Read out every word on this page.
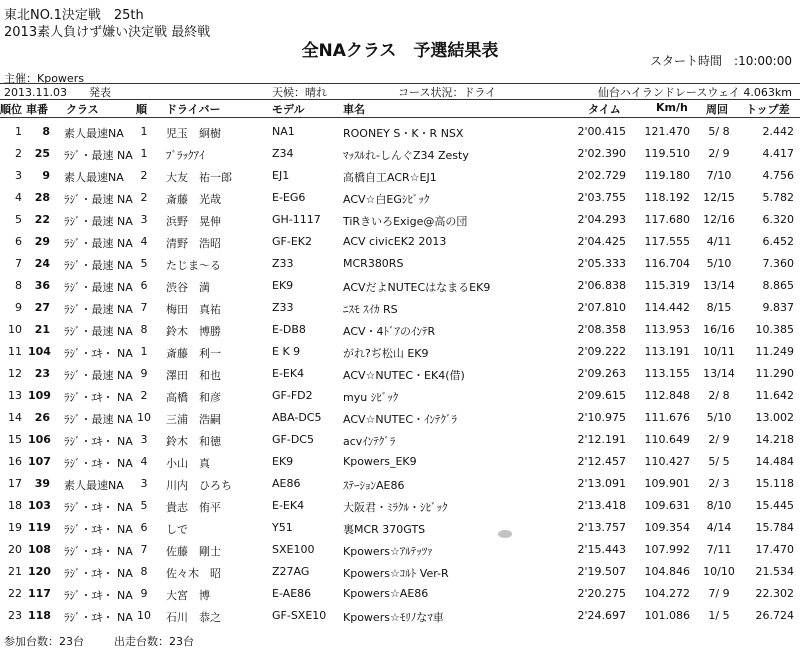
東北NO.1決定戦　25th
2013素人負けず嫌い決定戦 最終戦
全NAクラス　予選結果表	スタート時間　:10:00:00
主催：Kpowers
2013.11.03　　発表	天候：晴れ	コース状況：ドライ	仙台ハイランドレースウェイ 4.063km
順位 車番 クラス	順 ドライバー	モデル	車名	タイム	Km/h 周回 トップ差
1	8 素人最速NA	1	児玉　絅樹	NA1	ROONEY S・K・R NSX	2'00.415	121.470	5/ 8	2.442
2	25 ﾗｼﾞ・最速 NA 1	ﾌﾞﾗｯｸｱｲ	Z34	ﾏｯｽﾙれ-しんぐZ34 Zesty	2'02.390	119.510	2/ 9	4.417
3	9 素人最速NA	2	大友　祐一郎	EJ1	高橋自工ACR☆EJ1	2'02.729	119.180	7/10	4.756
4	28 ﾗｼﾞ・最速 NA 2	斎藤　光哉	E-EG6	ACV☆白EGｼﾋﾞｯｸ	2'03.755	118.192	12/15	5.782
5	22 ﾗｼﾞ・最速 NA 3	浜野　晃伸	GH-1117 TiRきいろExige@高の団	2'04.293	117.680	12/16	6.320
6	29 ﾗｼﾞ・最速 NA 4	清野　浩昭	GF-EK2	ACV civicEK2 2013	2'04.425	117.555	4/11	6.452
7	24 ﾗｼﾞ・最速 NA 5	たじま～る	Z33	MCR380RS	2'05.333	116.704	5/10	7.360
8	36 ﾗｼﾞ・最速 NA 6	渋谷　満	EK9	ACVだよNUTECはなまるEK9	2'06.838	115.319	13/14	8.865
9	27 ﾗｼﾞ・最速 NA 7	梅田　真祐	Z33	ﾆｽﾓ ｽｲｶ RS	2'07.810	114.442	8/15	9.837
10	21 ﾗｼﾞ・最速 NA 8	鈴木　博勝	E-DB8	ACV・4ﾄﾞｱのｲﾝﾃR	2'08.358	113.953	16/16	10.385
11 104 ﾗｼﾞ・ｴｷ・ NA 1	斎藤　利一	E K 9	がれ?ぢ松山 EK9	2'09.222	113.191	10/11	11.249
12	23 ﾗｼﾞ・最速 NA 9	澤田　和也	E-EK4	ACV☆NUTEC・EK4(借)	2'09.263	113.155	13/14	11.290
13 109 ﾗｼﾞ・ｴｷ・ NA 2	高橋　和彦	GF-FD2	myu ｼﾋﾞｯｸ	2'09.615	112.848	2/ 8	11.642
14	26 ﾗｼﾞ・最速 NA 10 三浦　浩嗣	ABA-DC5 ACV☆NUTEC・ｲﾝﾃｸﾞﾗ	2'10.975	111.676	5/10	13.002
15 106 ﾗｼﾞ・ｴｷ・ NA 3	鈴木　和徳	GF-DC5	acvｲﾝﾃｸﾞﾗ	2'12.191	110.649	2/ 9	14.218
16 107 ﾗｼﾞ・ｴｷ・ NA 4	小山　真	EK9	Kpowers_EK9	2'12.457	110.427	5/ 5	14.484
17	39 素人最速NA	3	川内　ひろち	AE86	ｽﾃｰｼｮﾝAE86	2'13.091	109.901	2/ 3	15.118
18 103 ﾗｼﾞ・ｴｷ・ NA 5	貴志　侑平	E-EK4	大阪君・ﾐﾗｸﾙ・ｼﾋﾞｯｸ	2'13.418	109.631	8/10	15.445
19 119 ﾗｼﾞ・ｴｷ・ NA 6	しで	Y51	裏MCR 370GTS	2'13.757	109.354	4/14	15.784
20 108 ﾗｼﾞ・ｴｷ・ NA 7	佐藤　剛士	SXE100	Kpowers☆ｱﾙﾃｯﾂｧ	2'15.443	107.992	7/11	17.470
21 120 ﾗｼﾞ・ｴｷ・ NA 8	佐々木　昭	Z27AG	Kpowers☆ｺﾙﾄ Ver-R	2'19.507	104.846	10/10	21.534
22 117 ﾗｼﾞ・ｴｷ・ NA 9	大宮　博	E-AE86	Kpowers☆AE86	2'20.275	104.272	7/ 9	22.302
23 118 ﾗｼﾞ・ｴｷ・ NA 10 石川　恭之	GF-SXE10 Kpowers☆ﾓﾘﾉなﾏ車	2'24.697	101.086	1/ 5	26.724
参加台数：23台	出走台数：23台
